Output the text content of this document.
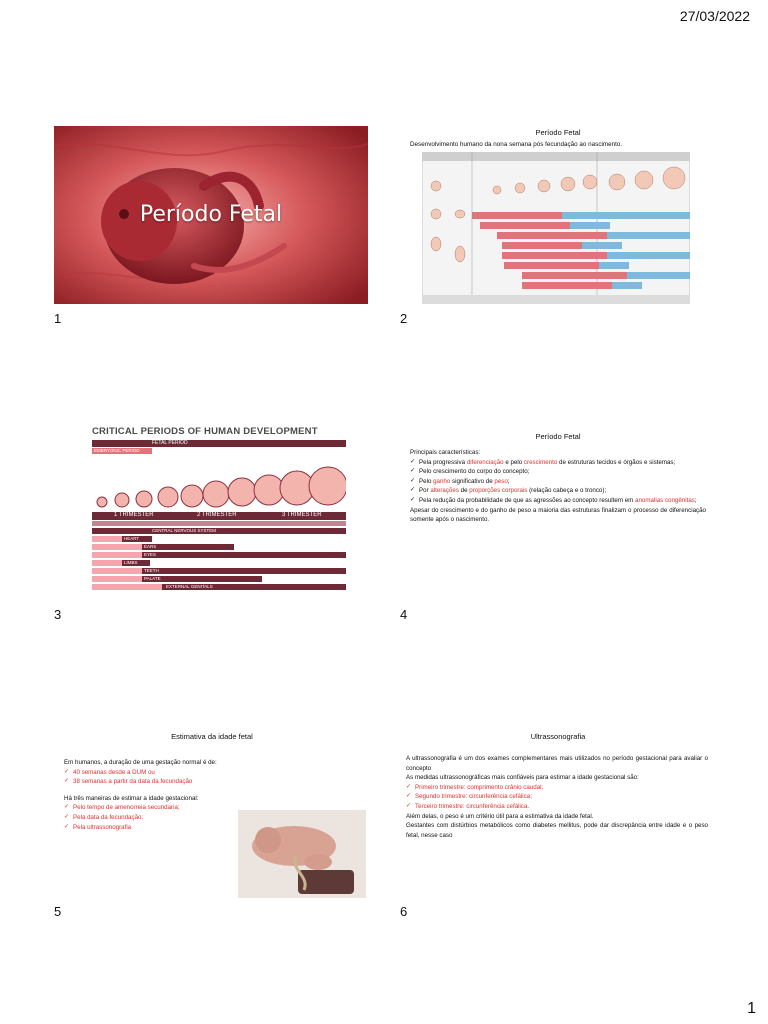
27/03/2022
Período Fetal
1
Período Fetal
Desenvolvimento humano da nona semana pós fecundação ao nascimento.
2
CRITICAL PERIODS OF HUMAN DEVELOPMENT
FETAL PERIOD
EMBRYONIC PERIOD
1 TRIMESTER	2 TRIMESTER	3 TRIMESTER
CENTRAL NERVOUS SYSTEM
HEART
EARS
EYES
LIMBS
TEETH
PALATE
EXTERNAL GENITALS
3
Período Fetal
Principais características:
✓ Pela progressiva diferenciação e pelo crescimento de estruturas tecidos e órgãos e sistemas;
✓ Pelo crescimento do corpo do concepto;
✓ Pelo ganho significativo de peso;
✓ Por alterações de proporções corporais (relação cabeça e o tronco);
✓ Pela redução da probabilidade de que as agressões ao concepto resultem em anomalias congênitas;
Apesar do crescimento e do ganho de peso a maioria das estruturas finalizam o processo de diferenciação somente após o nascimento.
4
Estimativa da idade fetal
Em humanos, a duração de uma gestação normal é de:
✓ 40 semanas desde a DUM ou
✓ 38 semanas a partir da data da fecundação
Há três maneiras de estimar a idade gestacional:
✓ Pelo tempo de amenorreia secundaria;
✓ Pela data da fecundação;
✓ Pela ultrassonografia
5
Ultrassonografia
A ultrassonografia é um dos exames complementares mais utilizados no período gestacional para avaliar o concepto
As medidas ultrassonográficas mais confiáveis para estimar a idade gestacional são:
✓ Primeiro trimestre: comprimento crânio caudal;
✓ Segundo trimestre: circunferência cefálica;
✓ Terceiro trimestre: circunferência cefálica.
Além delas, o peso é um critério útil para a estimativa da idade fetal.
Gestantes com distúrbios metabólicos como diabetes mellitus, pode dar discrepância entre idade e o peso fetal, nesse caso
6
1
